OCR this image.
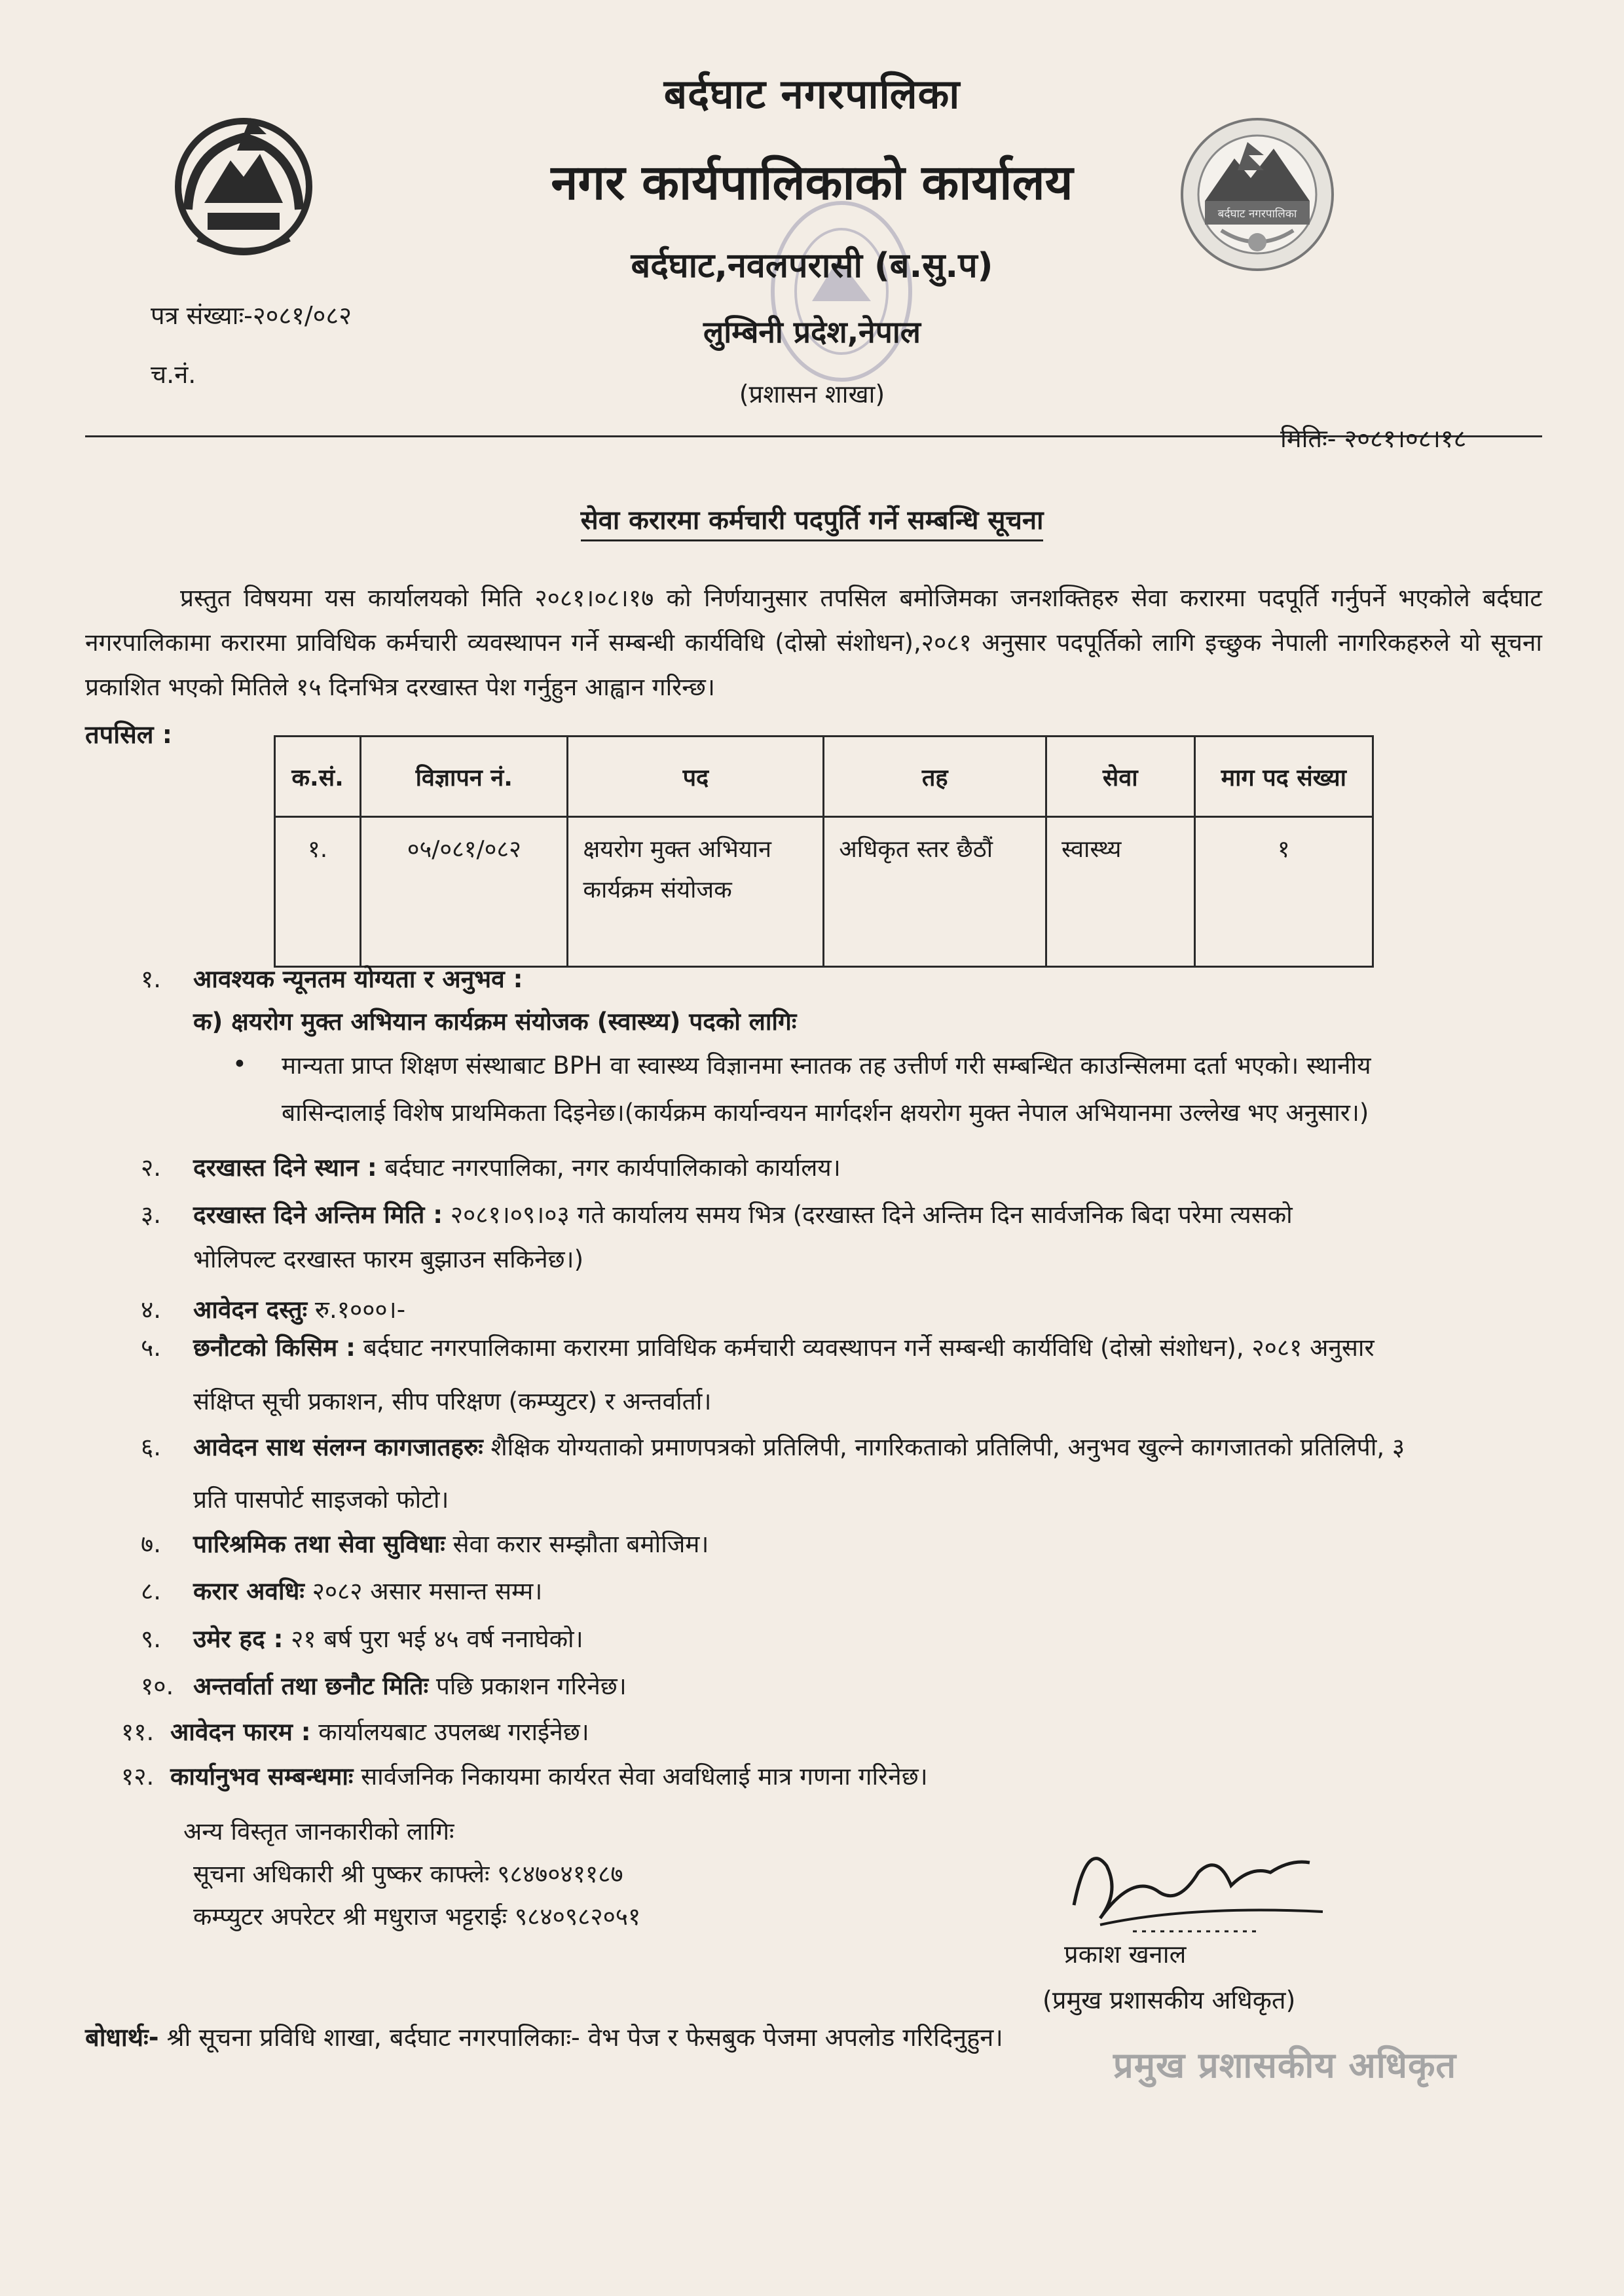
बर्दघाट नगरपालिका
बर्दघाट नगरपालिका
नगर कार्यपालिकाको कार्यालय
बर्दघाट,नवलपरासी (ब.सु.प)
लुम्बिनी प्रदेश,नेपाल
(प्रशासन शाखा)
पत्र संख्याः-२०८१/०८२
च.नं.
मितिः- २०८१।०८।१८
सेवा करारमा कर्मचारी पदपुर्ति गर्ने सम्बन्धि सूचना
प्रस्तुत विषयमा यस कार्यालयको मिति २०८१।०८।१७ को निर्णयानुसार तपसिल बमोजिमका जनशक्तिहरु सेवा करारमा पदपूर्ति गर्नुपर्ने भएकोले बर्दघाट नगरपालिकामा करारमा प्राविधिक कर्मचारी व्यवस्थापन गर्ने सम्बन्धी कार्यविधि (दोस्रो संशोधन),२०८१ अनुसार पदपूर्तिको लागि इच्छुक नेपाली नागरिकहरुले यो सूचना प्रकाशित भएको मितिले १५ दिनभित्र दरखास्त पेश गर्नुहुन आह्वान गरिन्छ।
तपसिल :
क.सं.	विज्ञापन नं.	पद	तह	सेवा	माग पद संख्या
१.	०५/०८१/०८२	क्षयरोग मुक्त अभियान
कार्यक्रम संयोजक	अधिकृत स्तर छैठौं	स्वास्थ्य	१
१. आवश्यक न्यूनतम योग्यता र अनुभव :
क) क्षयरोग मुक्त अभियान कार्यक्रम संयोजक (स्वास्थ्य) पदको लागिः
• मान्यता प्राप्त शिक्षण संस्थाबाट BPH वा स्वास्थ्य विज्ञानमा स्नातक तह उत्तीर्ण गरी सम्बन्धित काउन्सिलमा दर्ता भएको। स्थानीय
बासिन्दालाई विशेष प्राथमिकता दिइनेछ।(कार्यक्रम कार्यान्वयन मार्गदर्शन क्षयरोग मुक्त नेपाल अभियानमा उल्लेख भए अनुसार।)
२. दरखास्त दिने स्थान : बर्दघाट नगरपालिका, नगर कार्यपालिकाको कार्यालय।
३. दरखास्त दिने अन्तिम मिति : २०८१।०९।०३ गते कार्यालय समय भित्र (दरखास्त दिने अन्तिम दिन सार्वजनिक बिदा परेमा त्यसको
भोलिपल्ट दरखास्त फारम बुझाउन सकिनेछ।)
४. आवेदन दस्तुः रु.१०००।-
५. छनौटको किसिम : बर्दघाट नगरपालिकामा करारमा प्राविधिक कर्मचारी व्यवस्थापन गर्ने सम्बन्धी कार्यविधि (दोस्रो संशोधन), २०८१ अनुसार
संक्षिप्त सूची प्रकाशन, सीप परिक्षण (कम्प्युटर) र अन्तर्वार्ता।
६. आवेदन साथ संलग्न कागजातहरुः शैक्षिक योग्यताको प्रमाणपत्रको प्रतिलिपी, नागरिकताको प्रतिलिपी, अनुभव खुल्ने कागजातको प्रतिलिपी, ३
प्रति पासपोर्ट साइजको फोटो।
७. पारिश्रमिक तथा सेवा सुविधाः सेवा करार सम्झौता बमोजिम।
८. करार अवधिः २०८२ असार मसान्त सम्म।
९. उमेर हद : २१ बर्ष पुरा भई ४५ वर्ष ननाघेको।
१०. अन्तर्वार्ता तथा छनौट मितिः पछि प्रकाशन गरिनेछ।
११. आवेदन फारम : कार्यालयबाट उपलब्ध गराईनेछ।
१२. कार्यानुभव सम्बन्धमाः सार्वजनिक निकायमा कार्यरत सेवा अवधिलाई मात्र गणना गरिनेछ।
अन्य विस्तृत जानकारीको लागिः
सूचना अधिकारी श्री पुष्कर काफ्लेः ९८४७०४११८७
कम्प्युटर अपरेटर श्री मधुराज भट्टराईः ९८४०९८२०५१
प्रकाश खनाल
(प्रमुख प्रशासकीय अधिकृत)
बोधार्थः- श्री सूचना प्रविधि शाखा, बर्दघाट नगरपालिकाः- वेभ पेज र फेसबुक पेजमा अपलोड गरिदिनुहुन।
प्रमुख प्रशासकीय अधिकृत
